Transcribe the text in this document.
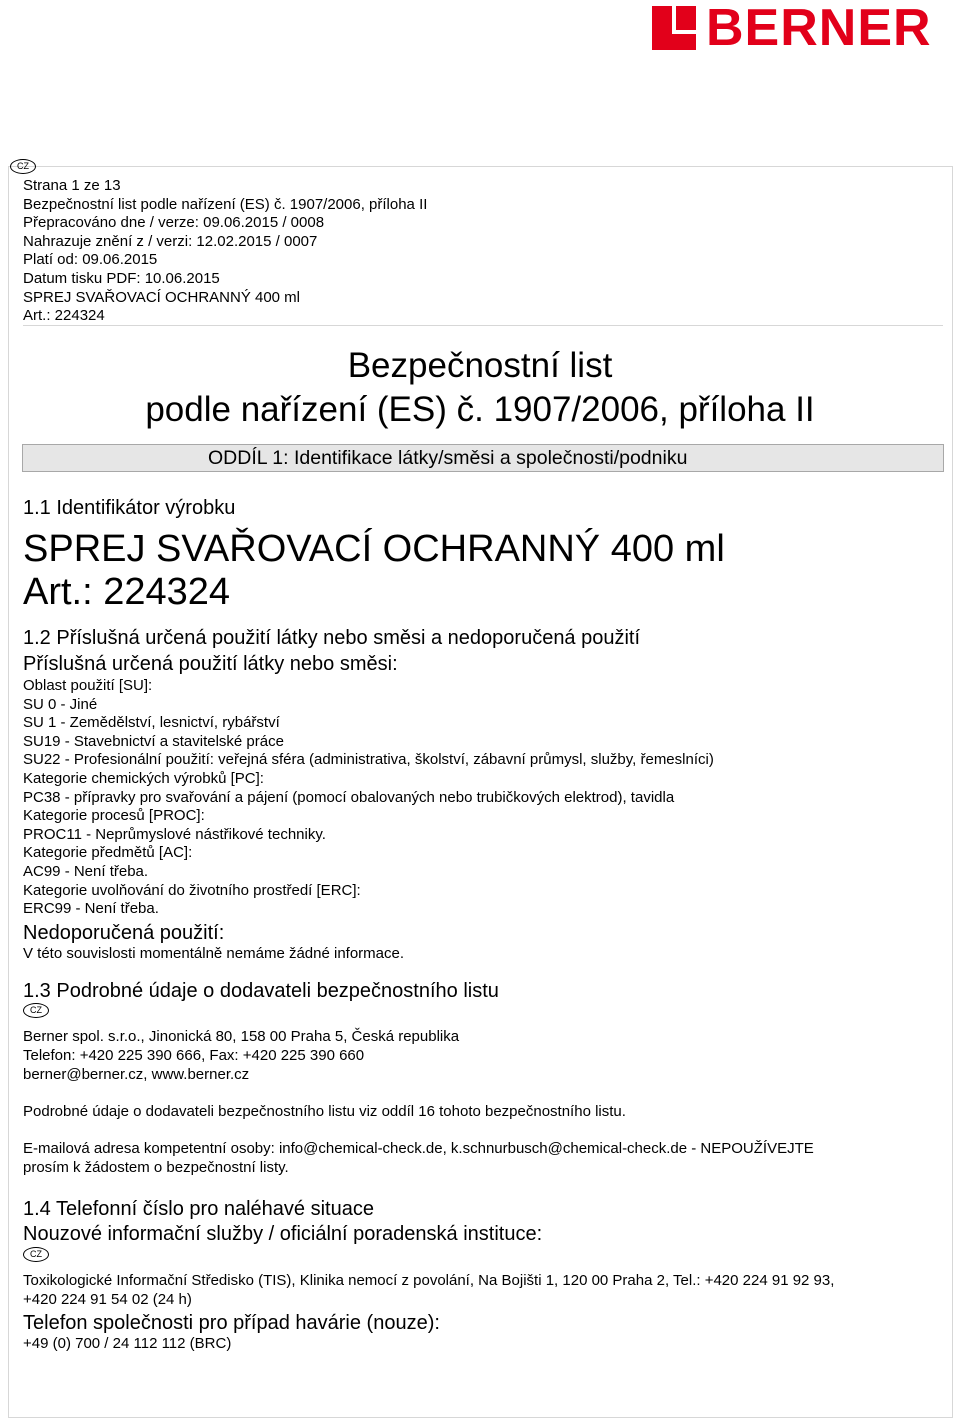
BERNER
CZ
Strana 1 ze 13
Bezpečnostní list podle nařízení (ES) č. 1907/2006, příloha II
Přepracováno dne / verze: 09.06.2015 / 0008
Nahrazuje znění z / verzi: 12.02.2015 / 0007
Platí od: 09.06.2015
Datum tisku PDF: 10.06.2015
SPREJ SVAŘOVACÍ OCHRANNÝ 400 ml
Art.: 224324
Bezpečnostní list
podle nařízení (ES) č. 1907/2006, příloha II
ODDÍL 1: Identifikace látky/směsi a společnosti/podniku
1.1 Identifikátor výrobku
SPREJ SVAŘOVACÍ OCHRANNÝ 400 ml
Art.: 224324
1.2 Příslušná určená použití látky nebo směsi a nedoporučená použití
Příslušná určená použití látky nebo směsi:
Oblast použití [SU]:
SU 0 - Jiné
SU 1 - Zemědělství, lesnictví, rybářství
SU19 - Stavebnictví a stavitelské práce
SU22 - Profesionální použití: veřejná sféra (administrativa, školství, zábavní průmysl, služby, řemeslníci)
Kategorie chemických výrobků [PC]:
PC38 - přípravky pro svařování a pájení (pomocí obalovaných nebo trubičkových elektrod), tavidla
Kategorie procesů [PROC]:
PROC11 - Neprůmyslové nástřikové techniky.
Kategorie předmětů [AC]:
AC99 - Není třeba.
Kategorie uvolňování do životního prostředí [ERC]:
ERC99 - Není třeba.
Nedoporučená použití:
V této souvislosti momentálně nemáme žádné informace.
1.3 Podrobné údaje o dodavateli bezpečnostního listu
CZ
Berner spol. s.r.o., Jinonická 80, 158 00 Praha 5, Česká republika
Telefon: +420 225 390 666, Fax: +420 225 390 660
berner@berner.cz, www.berner.cz
Podrobné údaje o dodavateli bezpečnostního listu viz oddíl 16 tohoto bezpečnostního listu.
E-mailová adresa kompetentní osoby: info@chemical-check.de, k.schnurbusch@chemical-check.de - NEPOUŽÍVEJTE
prosím k žádostem o bezpečnostní listy.
1.4 Telefonní číslo pro naléhavé situace
Nouzové informační služby / oficiální poradenská instituce:
CZ
Toxikologické Informační Středisko (TIS), Klinika nemocí z povolání, Na Bojišti 1, 120 00 Praha 2, Tel.: +420 224 91 92 93,
+420 224 91 54 02 (24 h)
Telefon společnosti pro případ havárie (nouze):
+49 (0) 700 / 24 112 112 (BRC)
